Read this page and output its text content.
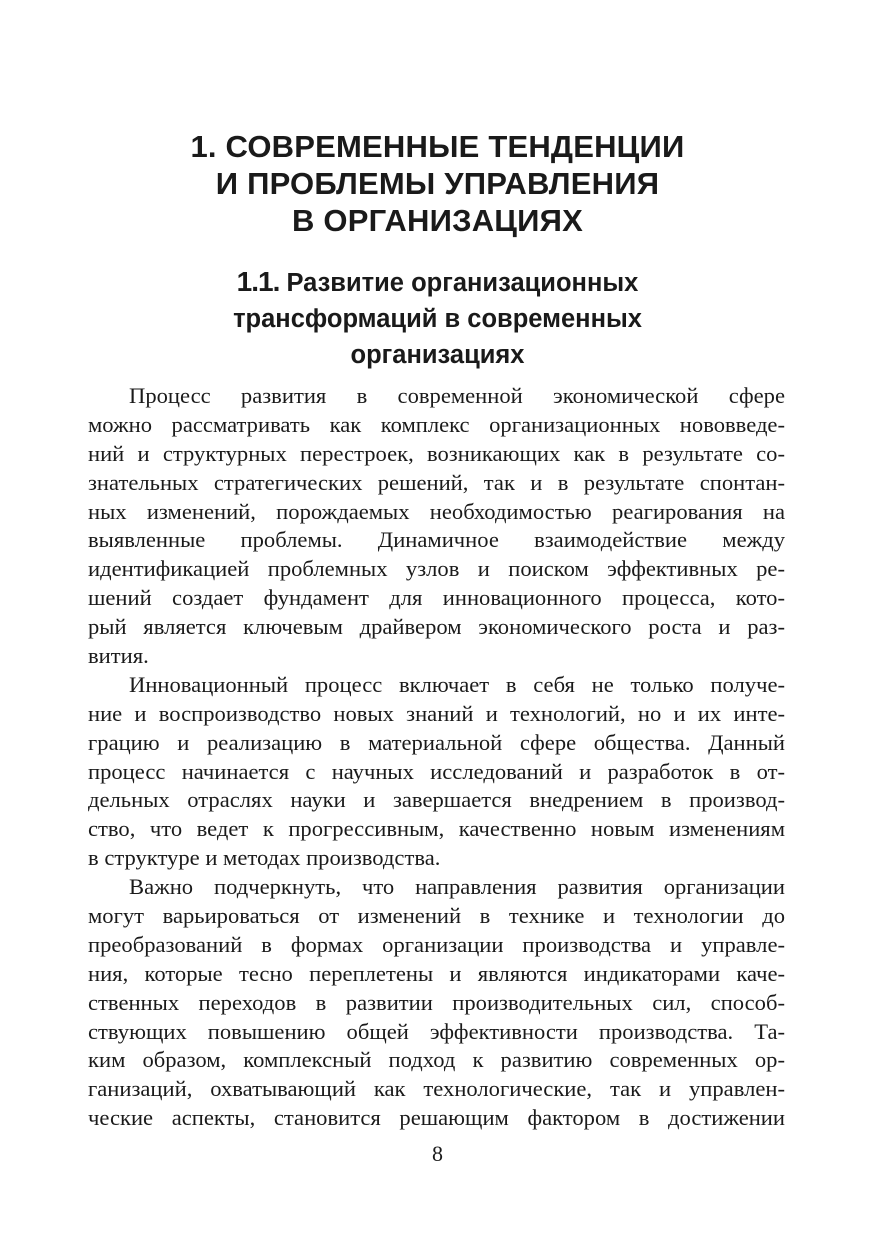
1. СОВРЕМЕННЫЕ ТЕНДЕНЦИИ
И ПРОБЛЕМЫ УПРАВЛЕНИЯ
В ОРГАНИЗАЦИЯХ
1.1. Развитие организационных
трансформаций в современных
организациях

Процесс развития в современной экономической сфере
можно рассматривать как комплекс организационных нововведе-
ний и структурных перестроек, возникающих как в результате со-
знательных стратегических решений, так и в результате спонтан-
ных изменений, порождаемых необходимостью реагирования на
выявленные проблемы. Динамичное взаимодействие между
идентификацией проблемных узлов и поиском эффективных ре-
шений создает фундамент для инновационного процесса, кото-
рый является ключевым драйвером экономического роста и раз-
вития.

Инновационный процесс включает в себя не только получе-
ние и воспроизводство новых знаний и технологий, но и их инте-
грацию и реализацию в материальной сфере общества. Данный
процесс начинается с научных исследований и разработок в от-
дельных отраслях науки и завершается внедрением в производ-
ство, что ведет к прогрессивным, качественно новым изменениям
в структуре и методах производства.

Важно подчеркнуть, что направления развития организации
могут варьироваться от изменений в технике и технологии до
преобразований в формах организации производства и управле-
ния, которые тесно переплетены и являются индикаторами каче-
ственных переходов в развитии производительных сил, способ-
ствующих повышению общей эффективности производства. Та-
ким образом, комплексный подход к развитию современных ор-
ганизаций, охватывающий как технологические, так и управлен-
ческие аспекты, становится решающим фактором в достижении

8
